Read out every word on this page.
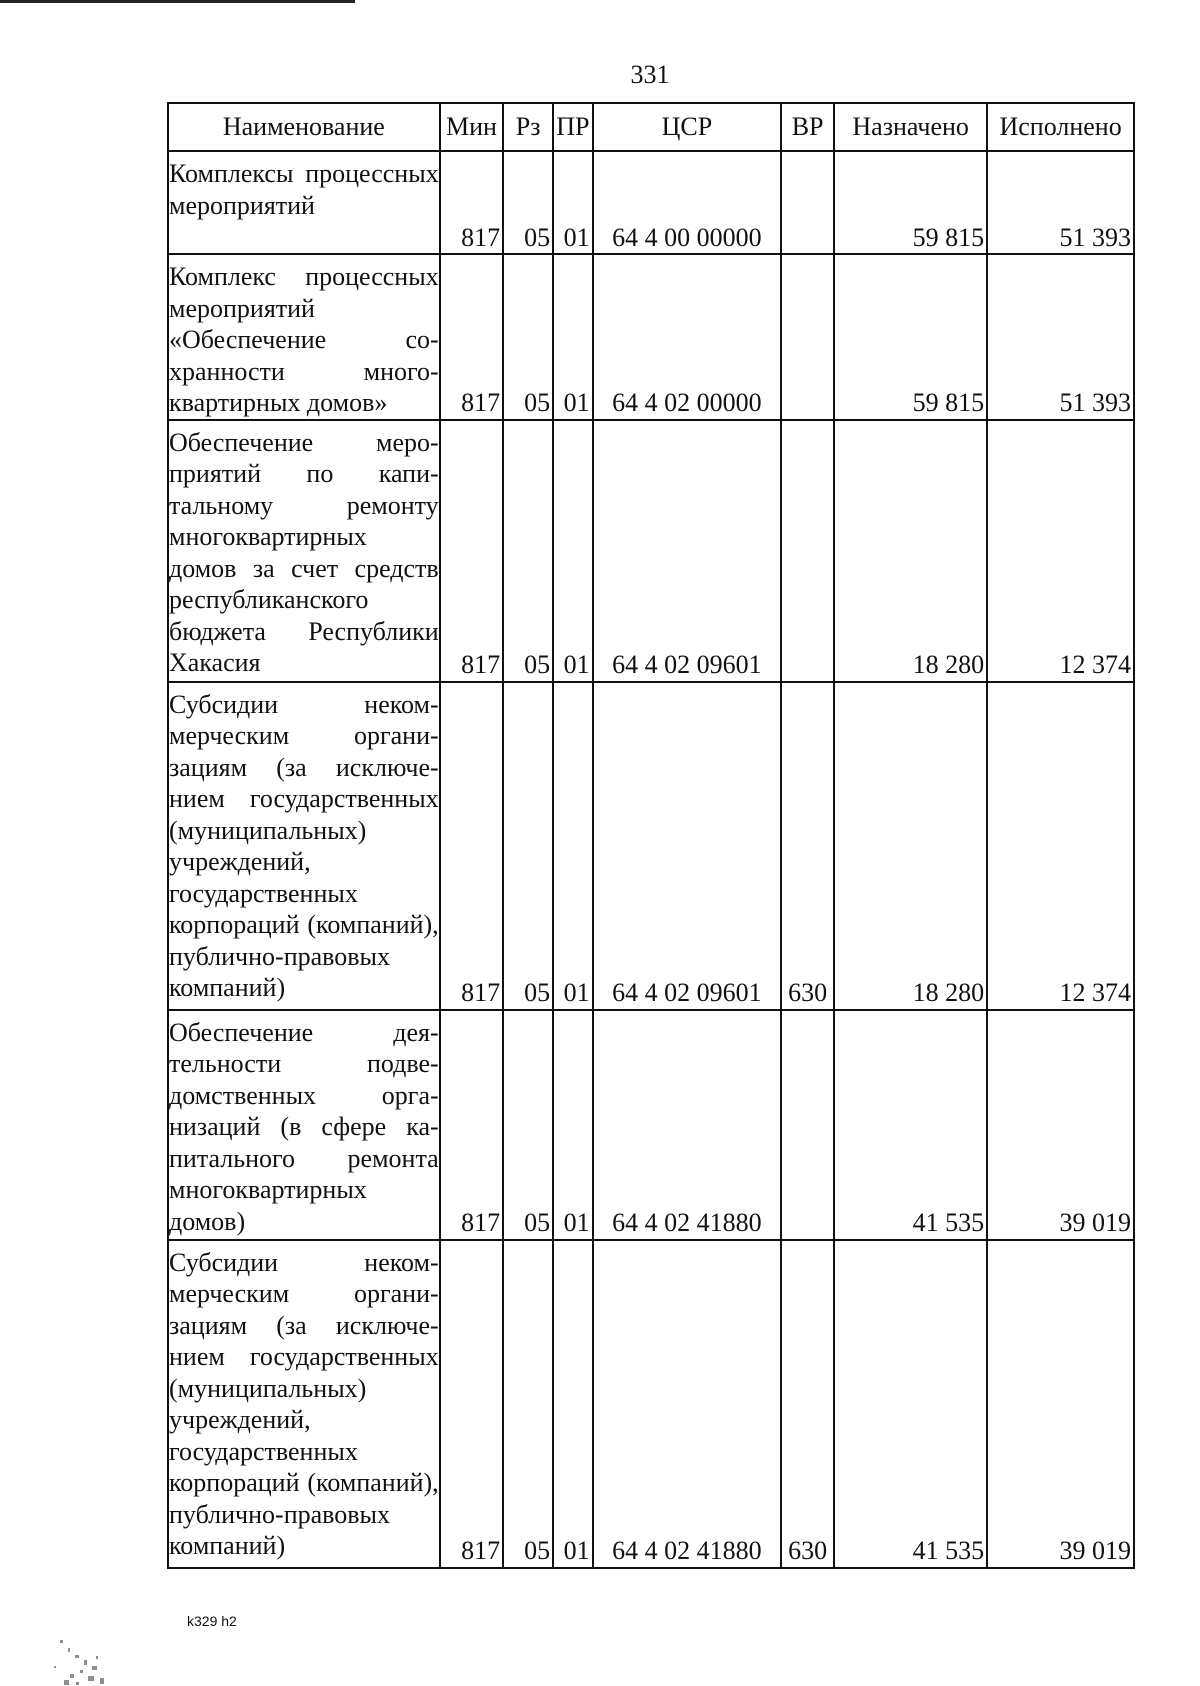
331
Наименование	Мин	Рз	ПР	ЦСР	ВР	Назначено	Исполнено
Комплексы процессных мероприятий	817	05	01	64 4 00 00000		59 815	51 393
Комплекс процессных мероприятий «Обеспечение сохранности многоквартирных домов»	817	05	01	64 4 02 00000		59 815	51 393
Обеспечение мероприятий по капитальному ремонту многоквартирных домов за счет средств республиканского бюджета Республики Хакасия	817	05	01	64 4 02 09601		18 280	12 374
Субсидии некоммерческим организациям (за исключением государственных (муниципальных) учреждений, государственных корпораций (компаний), публично-правовых компаний)	817	05	01	64 4 02 09601	630	18 280	12 374
Обеспечение деятельности подведомственных организаций (в сфере капитального ремонта многоквартирных домов)	817	05	01	64 4 02 41880		41 535	39 019
Субсидии некоммерческим организациям (за исключением государственных (муниципальных) учреждений, государственных корпораций (компаний), публично-правовых компаний)	817	05	01	64 4 02 41880	630	41 535	39 019
k329 h2
